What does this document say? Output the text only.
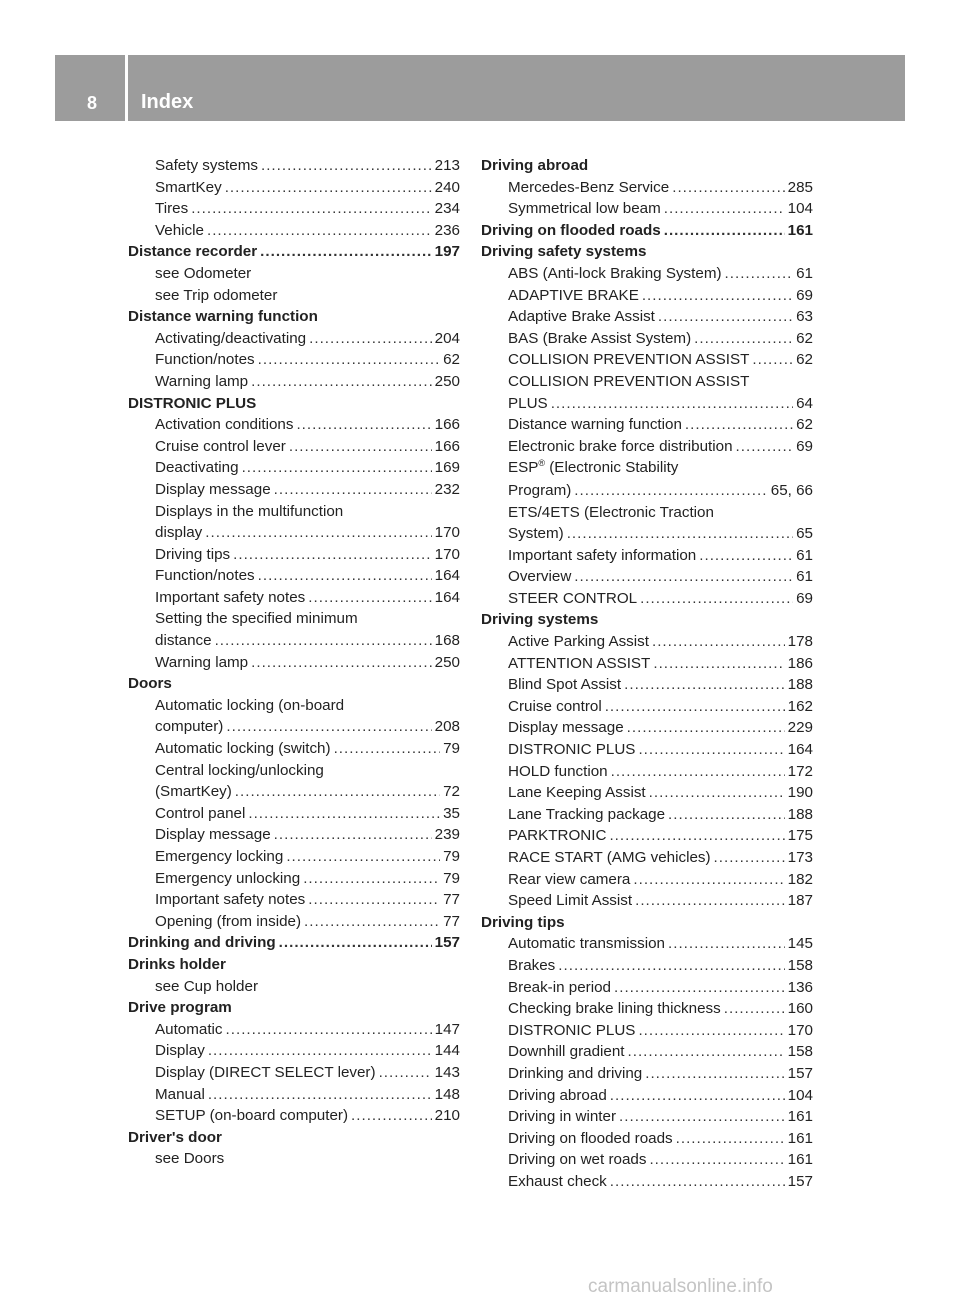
8 Index
Safety systems .....	213
SmartKey .....	240
Tires .....	234
Vehicle .....	236
Distance recorder .....	197
see Odometer
see Trip odometer
Distance warning function
Activating/deactivating .....	204
Function/notes .....	62
Warning lamp .....	250
DISTRONIC PLUS
Activation conditions .....	166
Cruise control lever .....	166
Deactivating .....	169
Display message .....	232
Displays in the multifunction
display .....	170
Driving tips .....	170
Function/notes .....	164
Important safety notes .....	164
Setting the specified minimum
distance .....	168
Warning lamp .....	250
Doors
Automatic locking (on-board
computer) .....	208
Automatic locking (switch) .....	79
Central locking/unlocking
(SmartKey) .....	72
Control panel .....	35
Display message .....	239
Emergency locking .....	79
Emergency unlocking .....	79
Important safety notes .....	77
Opening (from inside) .....	77
Drinking and driving .....	157
Drinks holder
see Cup holder
Drive program
Automatic .....	147
Display .....	144
Display (DIRECT SELECT lever) .....	143
Manual .....	148
SETUP (on-board computer) .....	210
Driver's door
see Doors
Driving abroad
Mercedes-Benz Service .....	285
Symmetrical low beam .....	104
Driving on flooded roads .....	161
Driving safety systems
ABS (Anti-lock Braking System) .....	61
ADAPTIVE BRAKE .....	69
Adaptive Brake Assist .....	63
BAS (Brake Assist System) .....	62
COLLISION PREVENTION ASSIST .....	62
COLLISION PREVENTION ASSIST
PLUS .....	64
Distance warning function .....	62
Electronic brake force distribution .....	69
ESP® (Electronic Stability
Program) .....	65, 66
ETS/4ETS (Electronic Traction
System) .....	65
Important safety information .....	61
Overview .....	61
STEER CONTROL .....	69
Driving systems
Active Parking Assist .....	178
ATTENTION ASSIST .....	186
Blind Spot Assist .....	188
Cruise control .....	162
Display message .....	229
DISTRONIC PLUS .....	164
HOLD function .....	172
Lane Keeping Assist .....	190
Lane Tracking package .....	188
PARKTRONIC .....	175
RACE START (AMG vehicles) .....	173
Rear view camera .....	182
Speed Limit Assist .....	187
Driving tips
Automatic transmission .....	145
Brakes .....	158
Break-in period .....	136
Checking brake lining thickness .....	160
DISTRONIC PLUS .....	170
Downhill gradient .....	158
Drinking and driving .....	157
Driving abroad .....	104
Driving in winter .....	161
Driving on flooded roads .....	161
Driving on wet roads .....	161
Exhaust check .....	157
carmanualsonline.info
